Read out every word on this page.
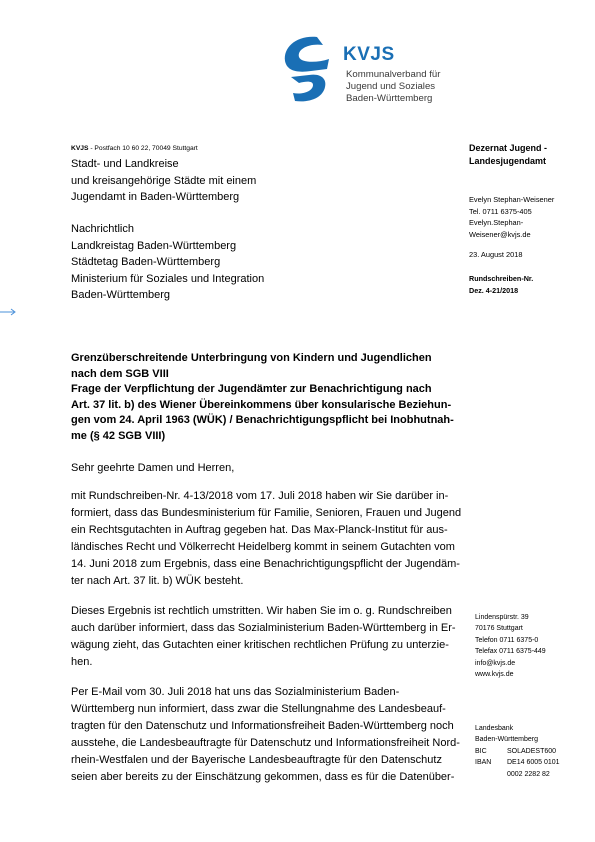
KVJS
Kommunalverband für
Jugend und Soziales
Baden-Württemberg
KVJS - Postfach 10 60 22, 70049 Stuttgart
Stadt- und Landkreise
und kreisangehörige Städte mit einem
Jugendamt in Baden-Württemberg
Nachrichtlich
Landkreistag Baden-Württemberg
Städtetag Baden-Württemberg
Ministerium für Soziales und Integration
Baden-Württemberg
Dezernat Jugend -
Landesjugendamt
Evelyn Stephan-Weisener
Tel. 0711 6375-405
Evelyn.Stephan-
Weisener@kvjs.de
23. August 2018
Rundschreiben-Nr.
Dez. 4-21/2018
Grenzüberschreitende Unterbringung von Kindern und Jugendlichen
nach dem SGB VIII
Frage der Verpflichtung der Jugendämter zur Benachrichtigung nach
Art. 37 lit. b) des Wiener Übereinkommens über konsularische Beziehun-
gen vom 24. April 1963 (WÜK) / Benachrichtigungspflicht bei Inobhutnah-
me (§ 42 SGB VIII)
Sehr geehrte Damen und Herren,
mit Rundschreiben-Nr. 4-13/2018 vom 17. Juli 2018 haben wir Sie darüber in-
formiert, dass das Bundesministerium für Familie, Senioren, Frauen und Jugend
ein Rechtsgutachten in Auftrag gegeben hat. Das Max-Planck-Institut für aus-
ländisches Recht und Völkerrecht Heidelberg kommt in seinem Gutachten vom
14. Juni 2018 zum Ergebnis, dass eine Benachrichtigungspflicht der Jugendäm-
ter nach Art. 37 lit. b) WÜK besteht.
Dieses Ergebnis ist rechtlich umstritten. Wir haben Sie im o. g. Rundschreiben
auch darüber informiert, dass das Sozialministerium Baden-Württemberg in Er-
wägung zieht, das Gutachten einer kritischen rechtlichen Prüfung zu unterzie-
hen.
Per E-Mail vom 30. Juli 2018 hat uns das Sozialministerium Baden-
Württemberg nun informiert, dass zwar die Stellungnahme des Landesbeauf-
tragten für den Datenschutz und Informationsfreiheit Baden-Württemberg noch
ausstehe, die Landesbeauftragte für Datenschutz und Informationsfreiheit Nord-
rhein-Westfalen und der Bayerische Landesbeauftragte für den Datenschutz
seien aber bereits zu der Einschätzung gekommen, dass es für die Datenüber-
Lindenspürstr. 39
70176 Stuttgart
Telefon 0711 6375-0
Telefax 0711 6375-449
info@kvjs.de
www.kvjs.de
Landesbank
Baden-Württemberg
BIC	SOLADEST600
IBAN	DE14 6005 0101
0002 2282 82
